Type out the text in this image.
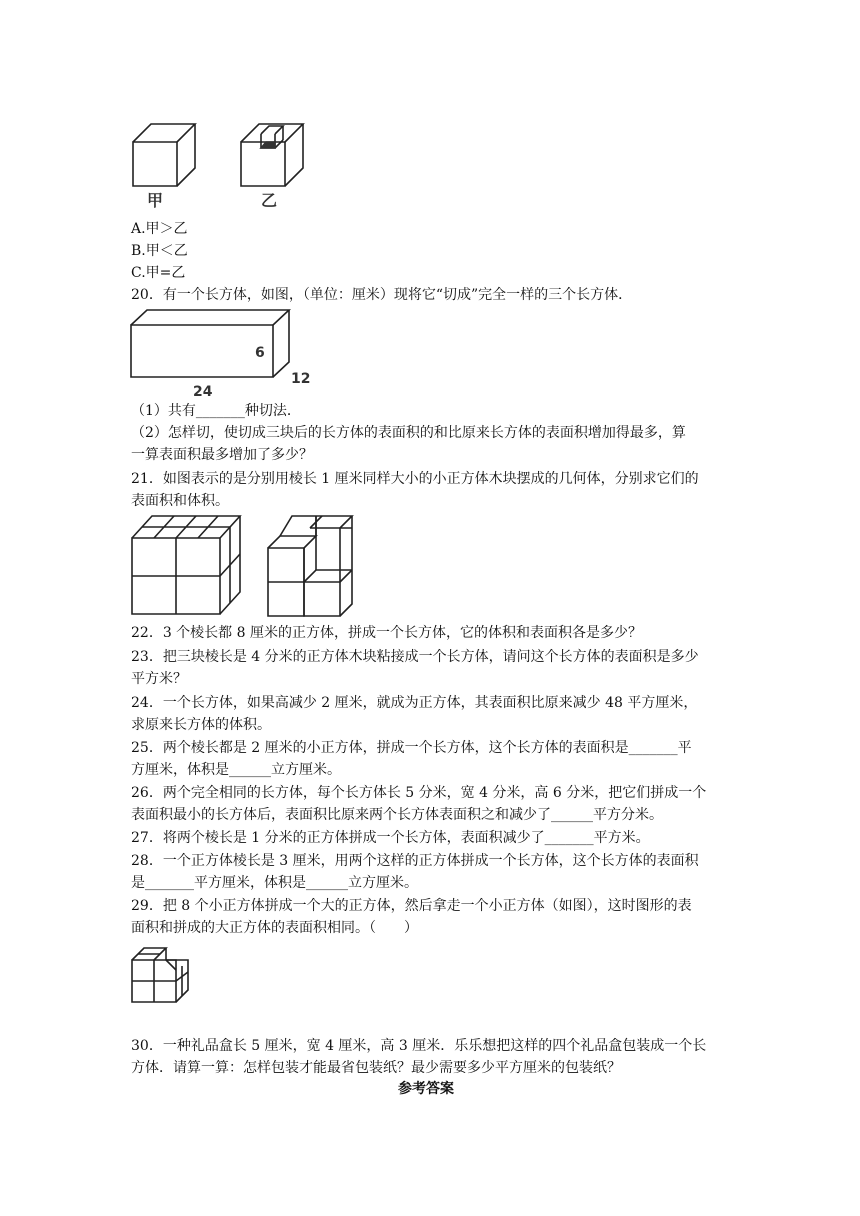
甲	乙
A.甲＞乙
B.甲＜乙
C.甲=乙
20．有一个长方体，如图，（单位：厘米）现将它“切成”完全一样的三个长方体．
6
24
12
（1）共有_______种切法．
（2）怎样切，使切成三块后的长方体的表面积的和比原来长方体的表面积增加得最多，算
一算表面积最多增加了多少？
21．如图表示的是分别用棱长 1 厘米同样大小的小正方体木块摆成的几何体，分别求它们的
表面积和体积。
22．3 个棱长都 8 厘米的正方体，拼成一个长方体，它的体积和表面积各是多少？
23．把三块棱长是 4 分米的正方体木块粘接成一个长方体，请问这个长方体的表面积是多少
平方米？
24．一个长方体，如果高减少 2 厘米，就成为正方体，其表面积比原来减少 48 平方厘米，
求原来长方体的体积。
25．两个棱长都是 2 厘米的小正方体，拼成一个长方体，这个长方体的表面积是_______平
方厘米，体积是______立方厘米。
26．两个完全相同的长方体，每个长方体长 5 分米，宽 4 分米，高 6 分米，把它们拼成一个
表面积最小的长方体后，表面积比原来两个长方体表面积之和减少了______平方分米。
27．将两个棱长是 1 分米的正方体拼成一个长方体，表面积减少了_______平方米。
28．一个正方体棱长是 3 厘米，用两个这样的正方体拼成一个长方体，这个长方体的表面积
是_______平方厘米，体积是______立方厘米。
29．把 8 个小正方体拼成一个大的正方体，然后拿走一个小正方体（如图），这时图形的表
面积和拼成的大正方体的表面积相同。（　　）
30．一种礼品盒长 5 厘米，宽 4 厘米，高 3 厘米．乐乐想把这样的四个礼品盒包装成一个长
方体．请算一算：怎样包装才能最省包装纸？最少需要多少平方厘米的包装纸？
参考答案
